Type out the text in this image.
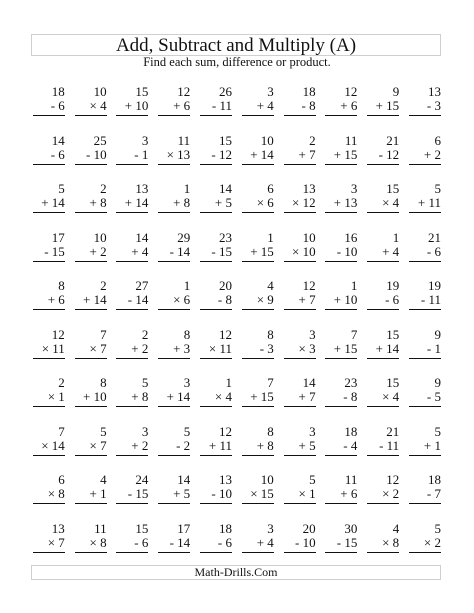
Add, Subtract and Multiply (A)
Find each sum, difference or product.
18
- 6
10
× 4
15
+ 10
12
+ 6
26
- 11
3
+ 4
18
- 8
12
+ 6
9
+ 15
13
- 3
14
- 6
25
- 10
3
- 1
11
× 13
15
- 12
10
+ 14
2
+ 7
11
+ 15
21
- 12
6
+ 2
5
+ 14
2
+ 8
13
+ 14
1
+ 8
14
+ 5
6
× 6
13
× 12
3
+ 13
15
× 4
5
+ 11
17
- 15
10
+ 2
14
+ 4
29
- 14
23
- 15
1
+ 15
10
× 10
16
- 10
1
+ 4
21
- 6
8
+ 6
2
+ 14
27
- 14
1
× 6
20
- 8
4
× 9
12
+ 7
1
+ 10
19
- 6
19
- 11
12
× 11
7
× 7
2
+ 2
8
+ 3
12
× 11
8
- 3
3
× 3
7
+ 15
15
+ 14
9
- 1
2
× 1
8
+ 10
5
+ 8
3
+ 14
1
× 4
7
+ 15
14
+ 7
23
- 8
15
× 4
9
- 5
7
× 14
5
× 7
3
+ 2
5
- 2
12
+ 11
8
+ 8
3
+ 5
18
- 4
21
- 11
5
+ 1
6
× 8
4
+ 1
24
- 15
14
+ 5
13
- 10
10
× 15
5
× 1
11
+ 6
12
× 2
18
- 7
13
× 7
11
× 8
15
- 6
17
- 14
18
- 6
3
+ 4
20
- 10
30
- 15
4
× 8
5
× 2
Math-Drills.Com
